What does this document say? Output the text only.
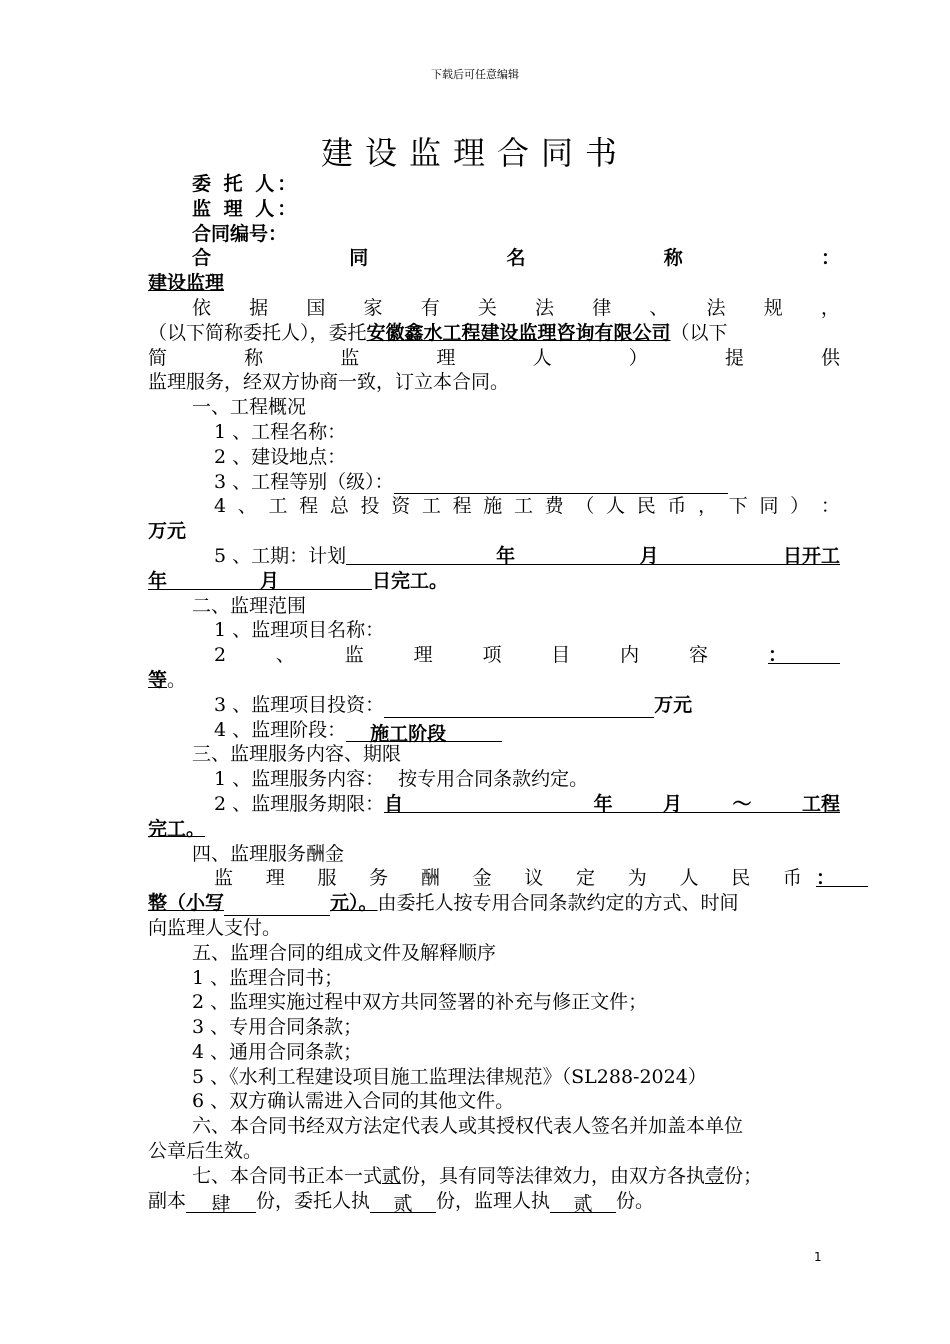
下载后可任意编辑
建设监理合同书
委 托 人：
监 理 人：
合同编号：
合	同	名	称	：
建设监理
依 据 国 家 有 关 法 律 、 法 规 ，
（以下简称委托人），委托安徽鑫水工程建设监理咨询有限公司（以下
简	称	监	理	人	）	提	供
监理服务，经双方协商一致，订立本合同。
一、工程概况
1 、工程名称：
2 、建设地点：
3 、工程等别（级）：
4 、 工 程 总 投 资 工 程 施 工 费 （ 人 民 币 ， 下 同 ） ：
万元
5 、工期：计划	年	月	日开工
年	月	日完工。
二、监理范围
1 、监理项目名称：
2	、	监	理	项	目	内	容	：
等。
3 、监理项目投资：	万元
4 、监理阶段： 施工阶段
三、监理服务内容、期限
1 、监理服务内容： 按专用合同条款约定。
2 、监理服务期限： 自	年	月	～	工程
完工。
四、监理服务酬金
监 理 服 务 酬 金 议 定 为 人 民 币 ：
整（小写	元）。由委托人按专用合同条款约定的方式、时间
向监理人支付。
五、监理合同的组成文件及解释顺序
1 、监理合同书；
2 、监理实施过程中双方共同签署的补充与修正文件；
3 、专用合同条款；
4 、通用合同条款；
5 、《水利工程建设项目施工监理法律规范》（SL288-2024）
6 、双方确认需进入合同的其他文件。
六、本合同书经双方法定代表人或其授权代表人签名并加盖本单位
公章后生效。
七、本合同书正本一式贰份，具有同等法律效力，由双方各执壹份；
副本 肆 份，委托人执 贰 份，监理人执 贰 份。
1
